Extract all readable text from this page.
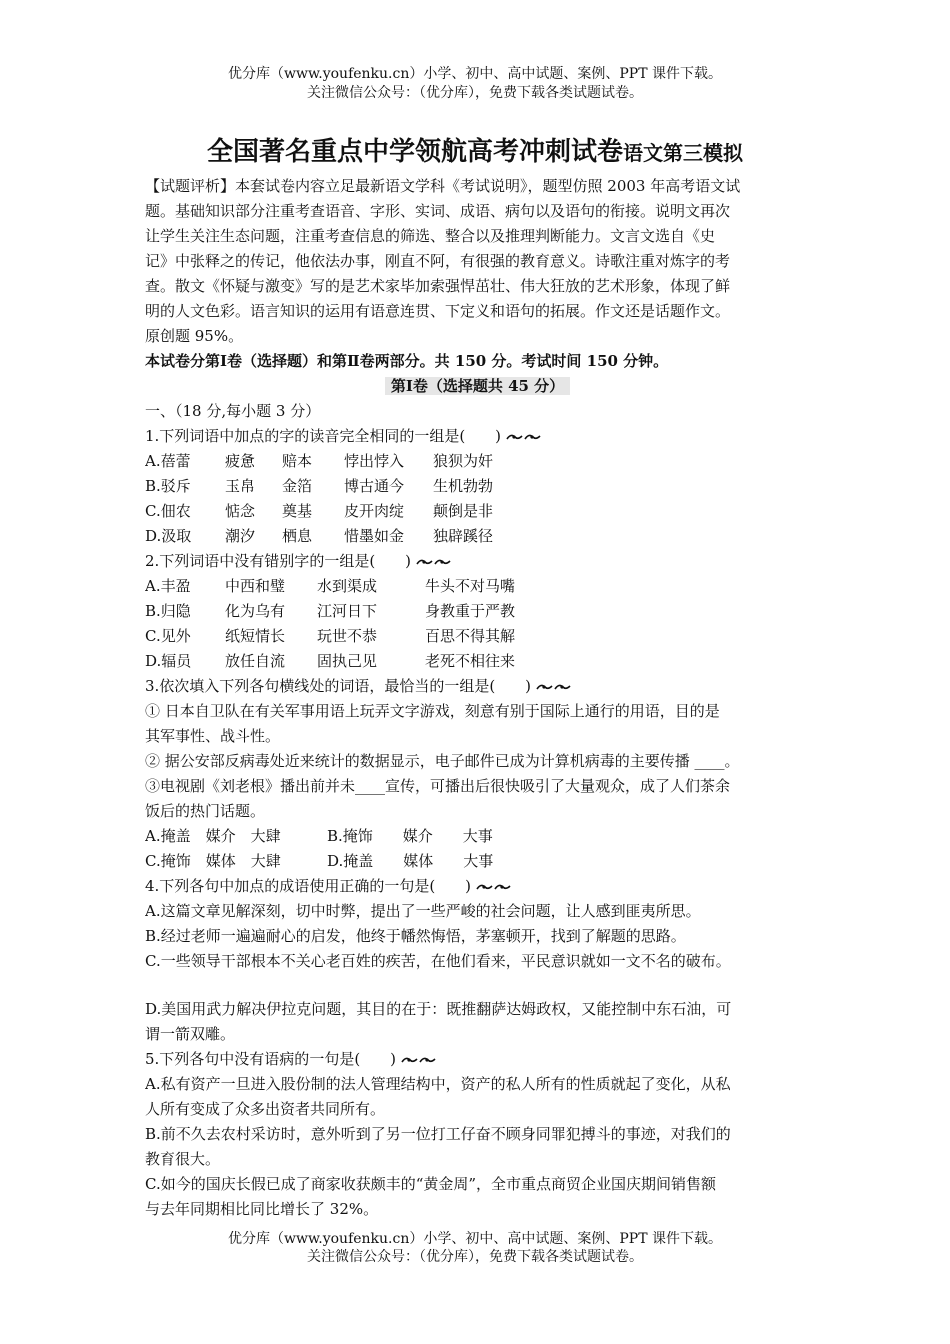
优分库（www.youfenku.cn）小学、初中、高中试题、案例、PPT 课件下载。
关注微信公众号：（优分库），免费下载各类试题试卷。
全国著名重点中学领航高考冲刺试卷语文第三模拟
【试题评析】本套试卷内容立足最新语文学科《考试说明》，题型仿照 2003 年高考语文试
题。基础知识部分注重考查语音、字形、实词、成语、病句以及语句的衔接。说明文再次
让学生关注生态问题，注重考查信息的筛选、整合以及推理判断能力。文言文选自《史
记》中张释之的传记，他依法办事，刚直不阿，有很强的教育意义。诗歌注重对炼字的考
查。散文《怀疑与激变》写的是艺术家毕加索强悍茁壮、伟大狂放的艺术形象，体现了鲜
明的人文色彩。语言知识的运用有语意连贯、下定义和语句的拓展。作文还是话题作文。
原创题 95%。
本试卷分第Ⅰ卷（选择题）和第Ⅱ卷两部分。共 150 分。考试时间 150 分钟。
第Ⅰ卷（选择题共 45 分）
一、（18 分,每小题 3 分）
1.下列词语中加点的字的读音完全相同的一组是(　　)
A.蓓蕾 疲惫 赔本 悖出悖入 狼狈为奸
B.驳斥 玉帛 金箔 博古通今 生机勃勃
C.佃农 惦念 奠基 皮开肉绽 颠倒是非
D.汲取 潮汐 栖息 惜墨如金 独辟蹊径
2.下列词语中没有错别字的一组是(　　)
A.丰盈 中西和璧 水到渠成	牛头不对马嘴
B.归隐 化为乌有 江河日下	身教重于严教
C.见外 纸短情长 玩世不恭	百思不得其解
D.辐员 放任自流 固执己见	老死不相往来
3.依次填入下列各句横线处的词语，最恰当的一组是(　　)
① 日本自卫队在有关军事用语上玩弄文字游戏，刻意有别于国际上通行的用语，目的是
其军事性、战斗性。
② 据公安部反病毒处近来统计的数据显示，电子邮件已成为计算机病毒的主要传播 ____。
③电视剧《刘老根》播出前并未____宣传，可播出后很快吸引了大量观众，成了人们茶余
饭后的热门话题。
A.掩盖　媒介　大肆	B.掩饰　　媒介　　大事
C.掩饰　媒体　大肆	D.掩盖　　媒体　　大事
4.下列各句中加点的成语使用正确的一句是(　　)
A.这篇文章见解深刻，切中时弊，提出了一些严峻的社会问题，让人感到匪夷所思。
B.经过老师一遍遍耐心的启发，他终于幡然悔悟，茅塞顿开，找到了解题的思路。
C.一些领导干部根本不关心老百姓的疾苦，在他们看来，平民意识就如一文不名的破布。
D.美国用武力解决伊拉克问题，其目的在于：既推翻萨达姆政权，又能控制中东石油，可
谓一箭双雕。
5.下列各句中没有语病的一句是(　　)
A.私有资产一旦进入股份制的法人管理结构中，资产的私人所有的性质就起了变化，从私
人所有变成了众多出资者共同所有。
B.前不久去农村采访时，意外听到了另一位打工仔奋不顾身同罪犯搏斗的事迹，对我们的
教育很大。
C.如今的国庆长假已成了商家收获颇丰的“黄金周”，全市重点商贸企业国庆期间销售额
与去年同期相比同比增长了 32%。
优分库（www.youfenku.cn）小学、初中、高中试题、案例、PPT 课件下载。
关注微信公众号：（优分库），免费下载各类试题试卷。
